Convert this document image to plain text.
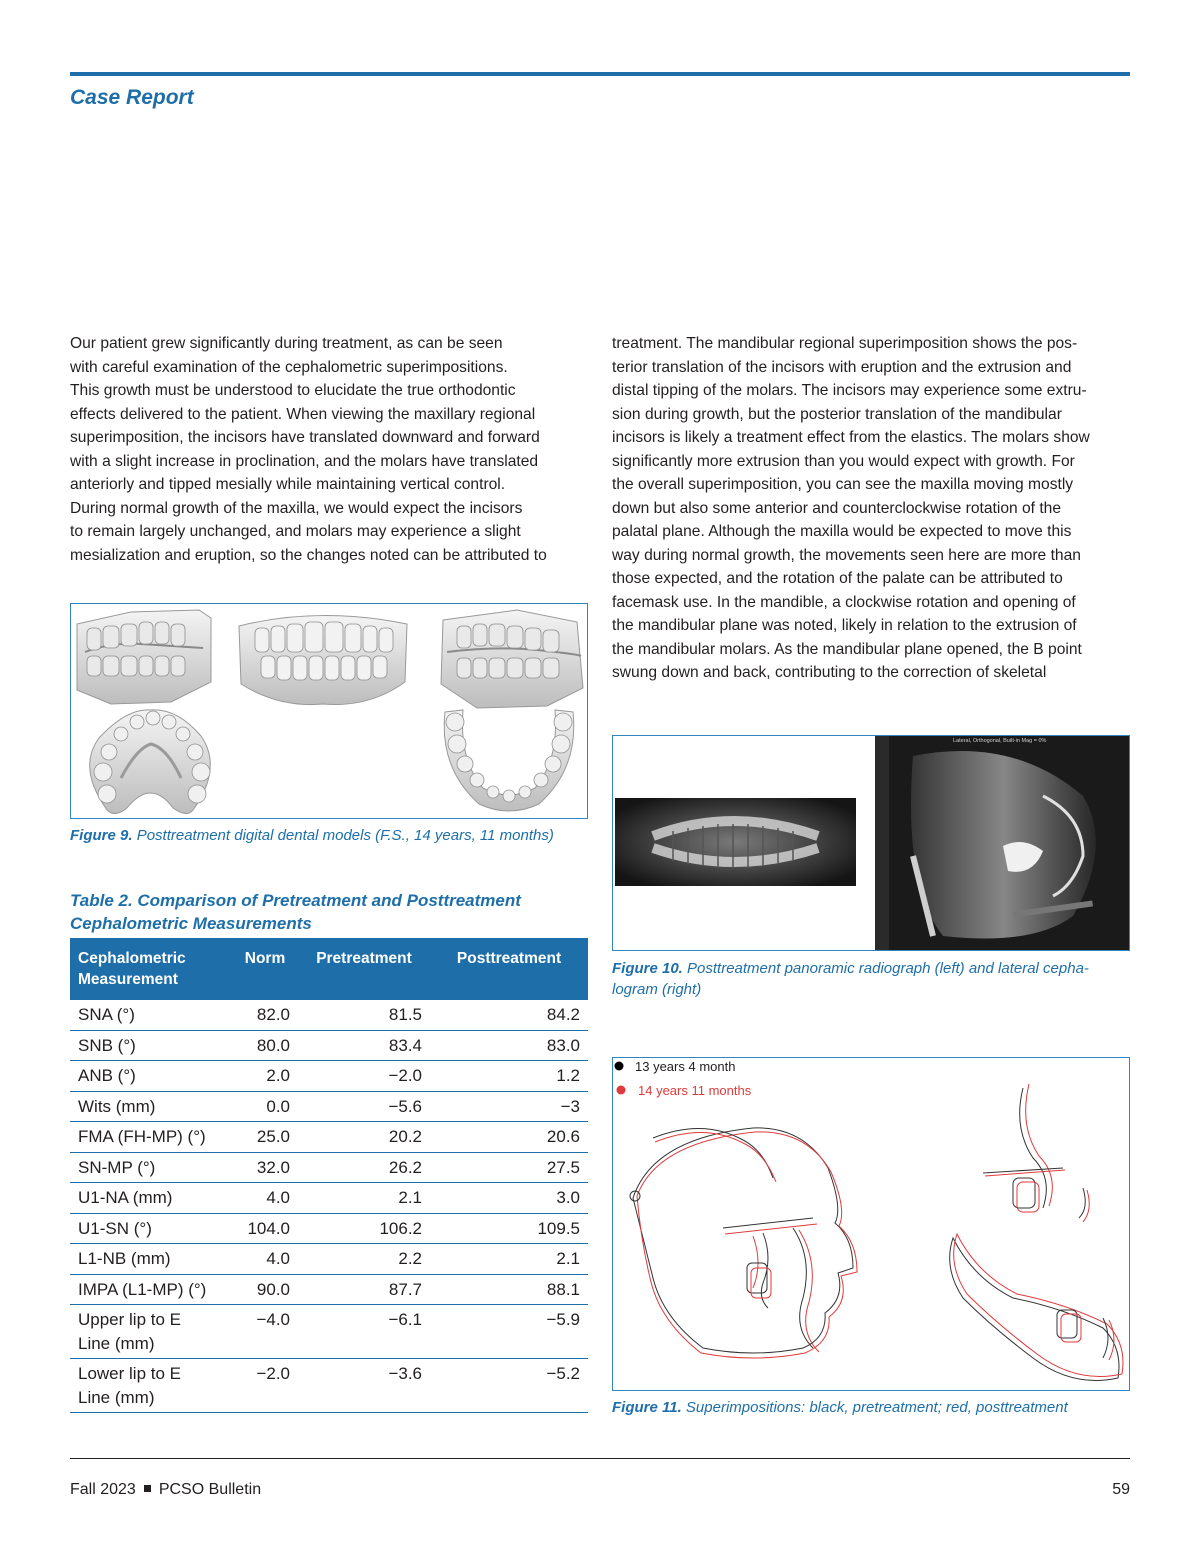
Case Report
Our patient grew significantly during treatment, as can be seen
with careful examination of the cephalometric superimpositions.
This growth must be understood to elucidate the true orthodontic
effects delivered to the patient. When viewing the maxillary regional
superimposition, the incisors have translated downward and forward
with a slight increase in proclination, and the molars have translated
anteriorly and tipped mesially while maintaining vertical control.
During normal growth of the maxilla, we would expect the incisors
to remain largely unchanged, and molars may experience a slight
mesialization and eruption, so the changes noted can be attributed to
treatment. The mandibular regional superimposition shows the pos-
terior translation of the incisors with eruption and the extrusion and
distal tipping of the molars. The incisors may experience some extru-
sion during growth, but the posterior translation of the mandibular
incisors is likely a treatment effect from the elastics. The molars show
significantly more extrusion than you would expect with growth. For
the overall superimposition, you can see the maxilla moving mostly
down but also some anterior and counterclockwise rotation of the
palatal plane. Although the maxilla would be expected to move this
way during normal growth, the movements seen here are more than
those expected, and the rotation of the palate can be attributed to
facemask use. In the mandible, a clockwise rotation and opening of
the mandibular plane was noted, likely in relation to the extrusion of
the mandibular molars. As the mandibular plane opened, the B point
swung down and back, contributing to the correction of skeletal
Figure 9. Posttreatment digital dental models (F.S., 14 years, 11 months)
Table 2. Comparison of Pretreatment and Posttreatment
Cephalometric Measurements
Cephalometric
Measurement	Norm	Pretreatment	Posttreatment

SNA (°)	82.0	81.5	84.2

SNB (°)	80.0	83.4	83.0

ANB (°)	2.0	−2.0	1.2

Wits (mm)	0.0	−5.6	−3

FMA (FH-MP) (°)	25.0	20.2	20.6

SN-MP (°)	32.0	26.2	27.5

U1-NA (mm)	4.0	2.1	3.0

U1-SN (°)	104.0	106.2	109.5

L1-NB (mm)	4.0	2.2	2.1

IMPA (L1-MP) (°)	90.0	87.7	88.1

Upper lip to E
Line (mm)	−4.0	−6.1	−5.9

Lower lip to E
Line (mm)	−2.0	−3.6	−5.2
Lateral, Orthogonal, Built-in Mag = 0%
Figure 10. Posttreatment panoramic radiograph (left) and lateral cepha-logram (right)
13 years 4 month
14 years 11 months
Figure 11. Superimpositions: black, pretreatment; red, posttreatment
Fall 2023 PCSO Bulletin	59
